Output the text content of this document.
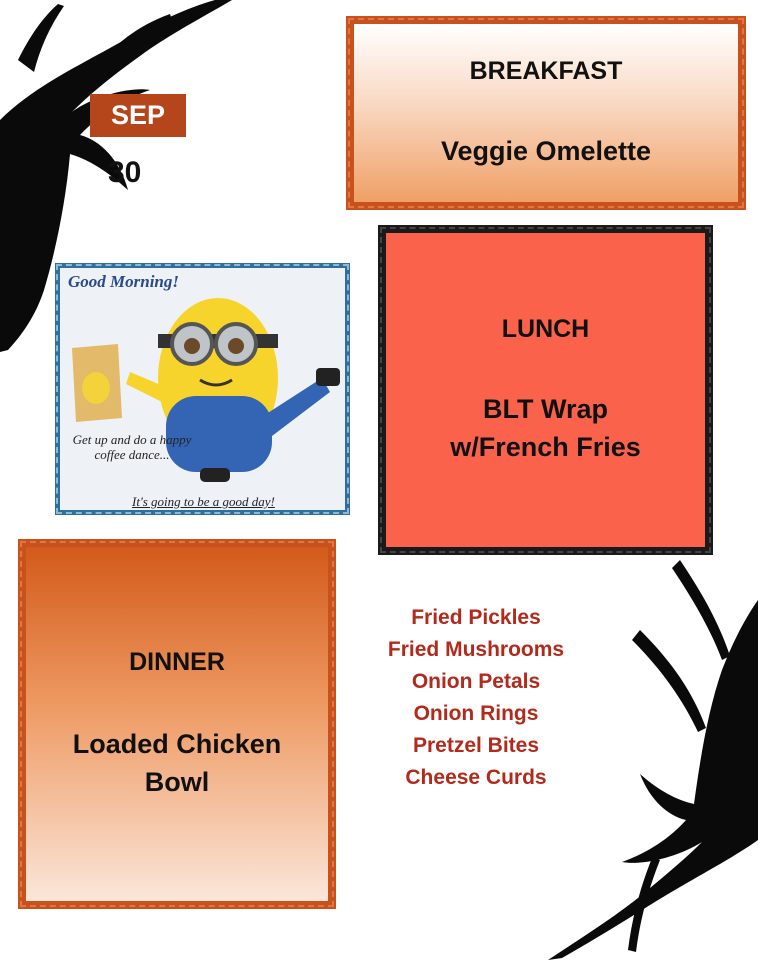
SEP
30
BREAKFAST
Veggie Omelette
Good Morning!
Get up and do a happy coffee dance...
It's going to be a good day!
LUNCH
BLT Wrap
w/French Fries
DINNER
Loaded Chicken
Bowl
Fried Pickles
Fried Mushrooms
Onion Petals
Onion Rings
Pretzel Bites
Cheese Curds
